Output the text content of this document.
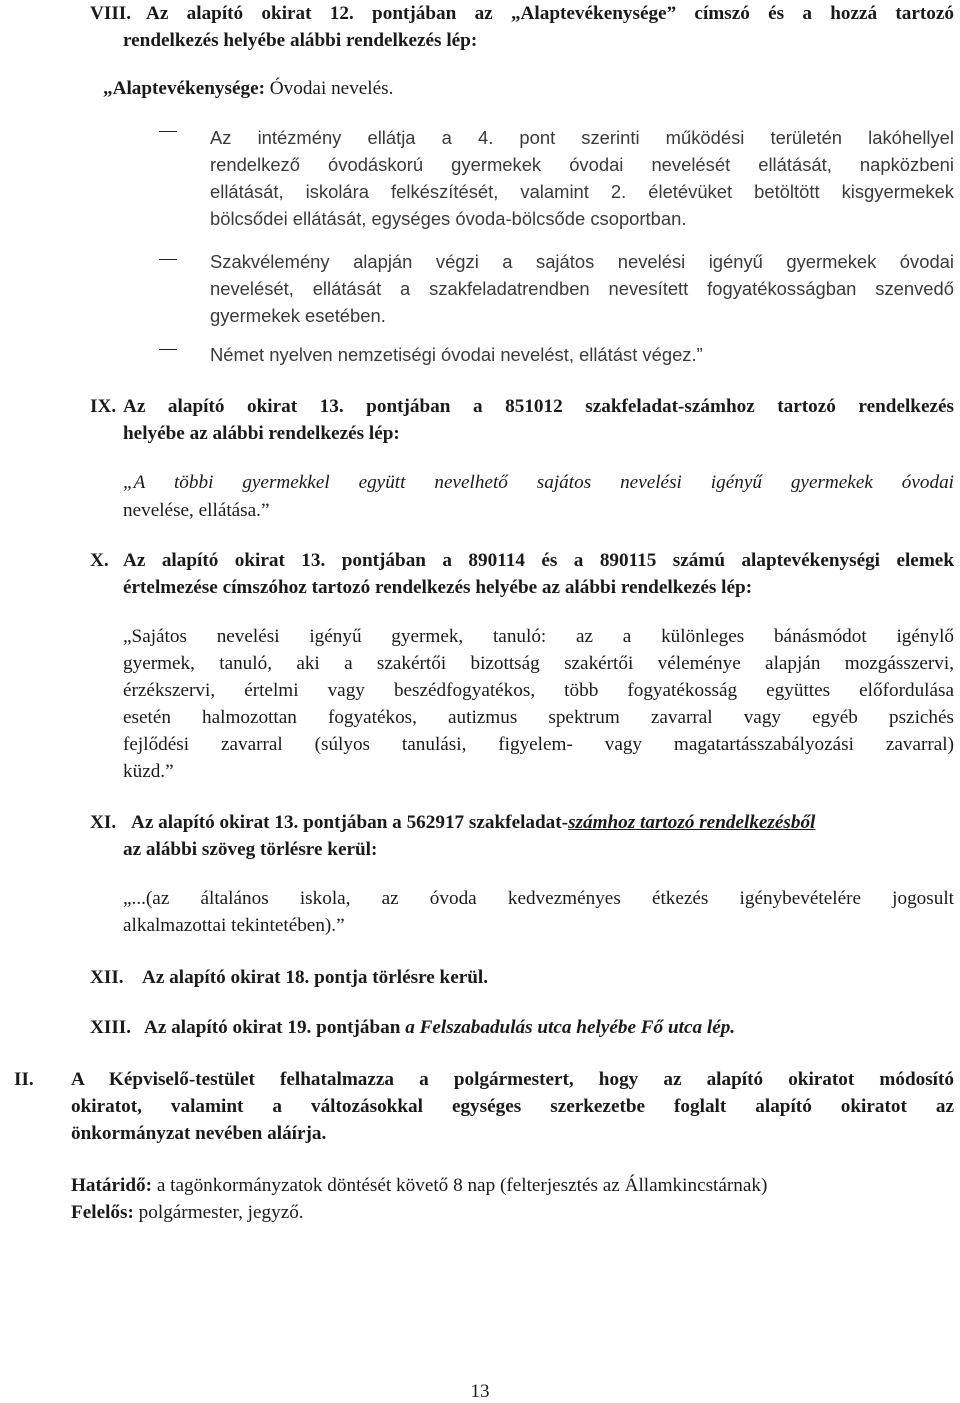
VIII. Az alapító okirat 12. pontjában az „Alaptevékenysége” címszó és a hozzá tartozó
rendelkezés helyébe alábbi rendelkezés lép:
„Alaptevékenysége: Óvodai nevelés.
Az intézmény ellátja a 4. pont szerinti működési területén lakóhellyel
rendelkező óvodáskorú gyermekek óvodai nevelését ellátását, napközbeni
ellátását, iskolára felkészítését, valamint 2. életévüket betöltött kisgyermekek
bölcsődei ellátását, egységes óvoda-bölcsőde csoportban.
Szakvélemény alapján végzi a sajátos nevelési igényű gyermekek óvodai
nevelését, ellátását a szakfeladatrendben nevesített fogyatékosságban szenvedő
gyermekek esetében.
Német nyelven nemzetiségi óvodai nevelést, ellátást végez.”
IX. Az alapító okirat 13. pontjában a 851012 szakfeladat-számhoz tartozó rendelkezés
helyébe az alábbi rendelkezés lép:
„A többi gyermekkel együtt nevelhető sajátos nevelési igényű gyermekek óvodai
nevelése, ellátása.”
X. Az alapító okirat 13. pontjában a 890114 és a 890115 számú alaptevékenységi elemek
értelmezése címszóhoz tartozó rendelkezés helyébe az alábbi rendelkezés lép:
„Sajátos nevelési igényű gyermek, tanuló: az a különleges bánásmódot igénylő
gyermek, tanuló, aki a szakértői bizottság szakértői véleménye alapján mozgásszervi,
érzékszervi, értelmi vagy beszédfogyatékos, több fogyatékosság együttes előfordulása
esetén halmozottan fogyatékos, autizmus spektrum zavarral vagy egyéb pszichés
fejlődési zavarral (súlyos tanulási, figyelem- vagy magatartásszabályozási zavarral)
küzd.”
XI. Az alapító okirat 13. pontjában a 562917 szakfeladat-számhoz tartozó rendelkezésből
az alábbi szöveg törlésre kerül:
„...(az általános iskola, az óvoda kedvezményes étkezés igénybevételére jogosult
alkalmazottai tekintetében).”
XII. Az alapító okirat 18. pontja törlésre kerül.
XIII. Az alapító okirat 19. pontjában a Felszabadulás utca helyébe Fő utca lép.
II. A Képviselő-testület felhatalmazza a polgármestert, hogy az alapító okiratot módosító
okiratot, valamint a változásokkal egységes szerkezetbe foglalt alapító okiratot az
önkormányzat nevében aláírja.
Határidő: a tagönkormányzatok döntését követő 8 nap (felterjesztés az Államkincstárnak)
Felelős: polgármester, jegyző.
13
